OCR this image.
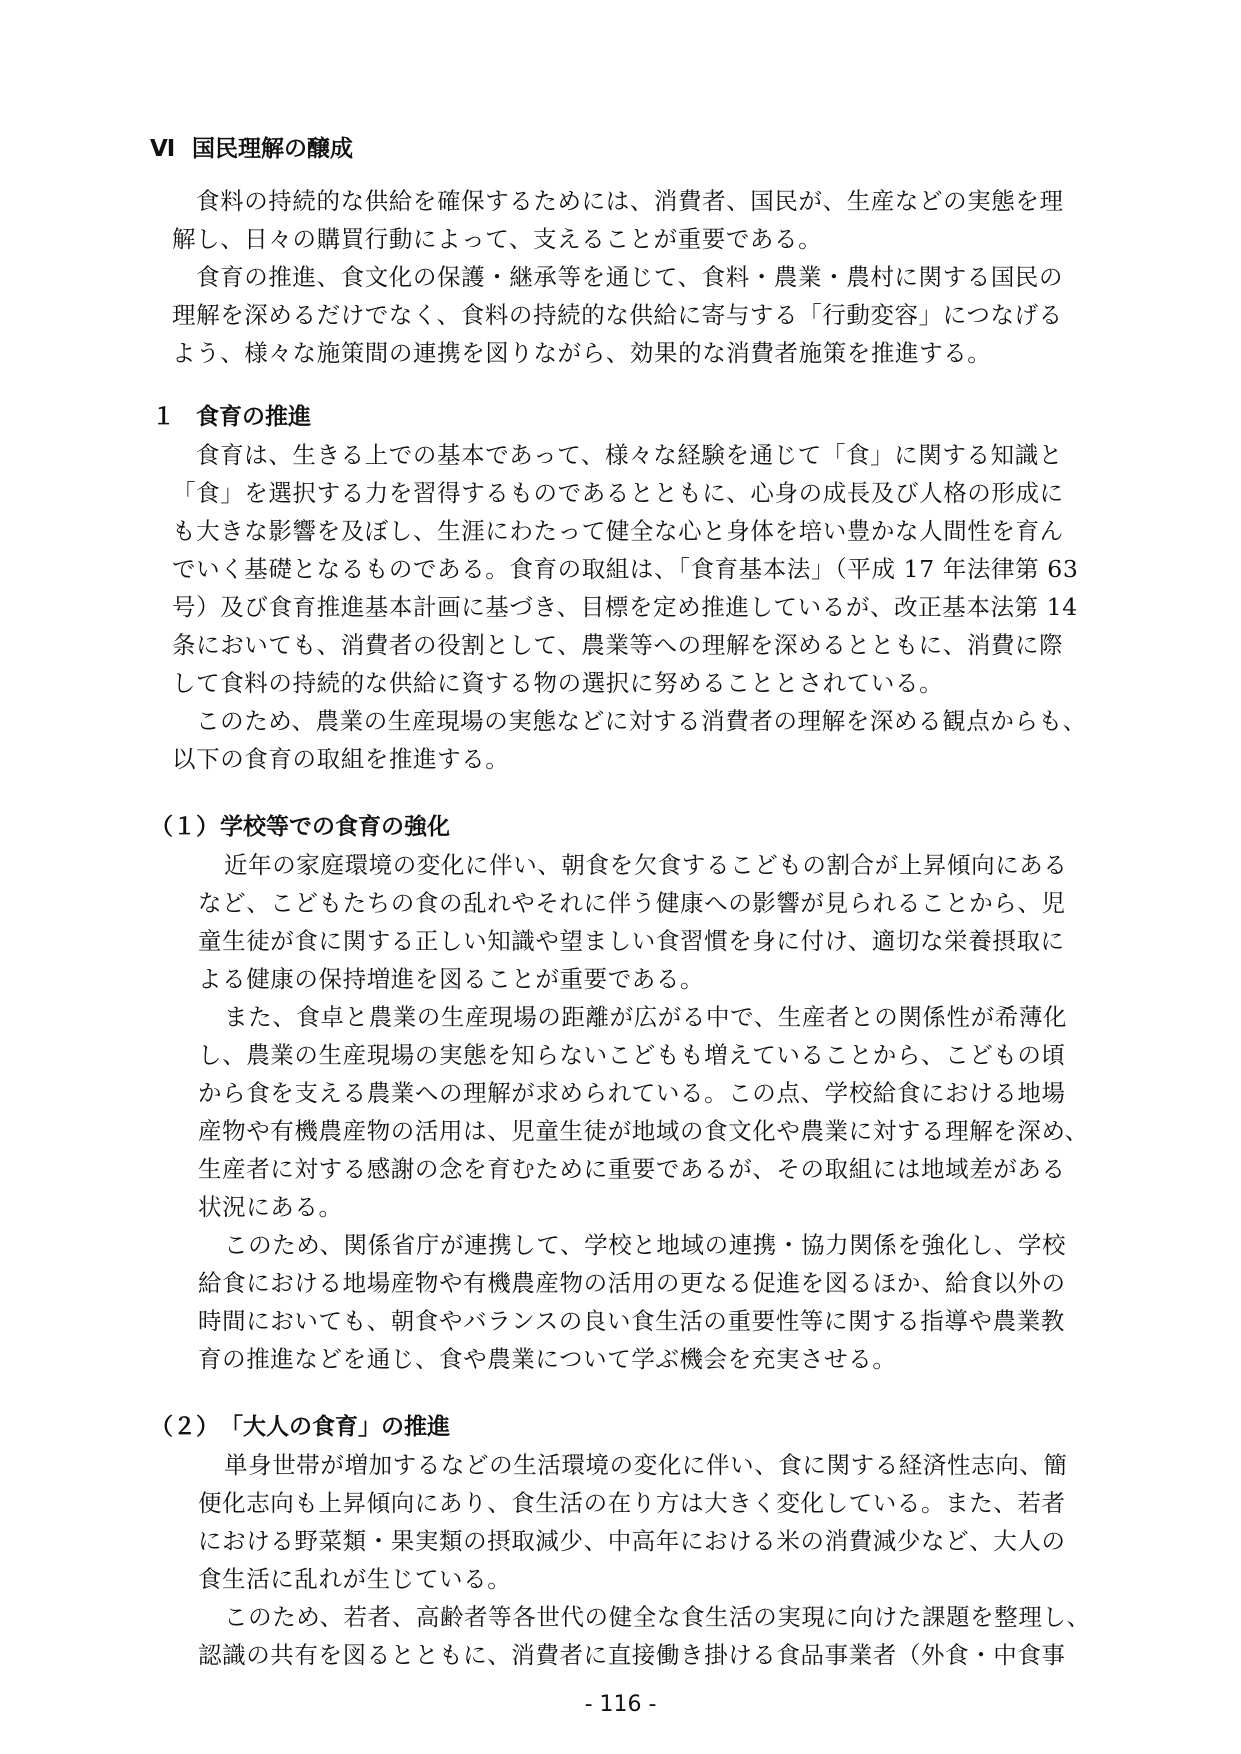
Ⅵ 国民理解の醸成
食料の持続的な供給を確保するためには、消費者、国民が、生産などの実態を理
解し、日々の購買行動によって、支えることが重要である。
食育の推進、食文化の保護・継承等を通じて、食料・農業・農村に関する国民の
理解を深めるだけでなく、食料の持続的な供給に寄与する「行動変容」につなげる
よう、様々な施策間の連携を図りながら、効果的な消費者施策を推進する。
１ 食育の推進
食育は、生きる上での基本であって、様々な経験を通じて「食」に関する知識と
「食」を選択する力を習得するものであるとともに、心身の成長及び人格の形成に
も大きな影響を及ぼし、生涯にわたって健全な心と身体を培い豊かな人間性を育ん
でいく基礎となるものである。食育の取組は、「食育基本法」（平成 17 年法律第 63
号）及び食育推進基本計画に基づき、目標を定め推進しているが、改正基本法第 14
条においても、消費者の役割として、農業等への理解を深めるとともに、消費に際
して食料の持続的な供給に資する物の選択に努めることとされている。
このため、農業の生産現場の実態などに対する消費者の理解を深める観点からも、
以下の食育の取組を推進する。
（１）学校等での食育の強化
近年の家庭環境の変化に伴い、朝食を欠食するこどもの割合が上昇傾向にある
など、こどもたちの食の乱れやそれに伴う健康への影響が見られることから、児
童生徒が食に関する正しい知識や望ましい食習慣を身に付け、適切な栄養摂取に
よる健康の保持増進を図ることが重要である。
また、食卓と農業の生産現場の距離が広がる中で、生産者との関係性が希薄化
し、農業の生産現場の実態を知らないこどもも増えていることから、こどもの頃
から食を支える農業への理解が求められている。この点、学校給食における地場
産物や有機農産物の活用は、児童生徒が地域の食文化や農業に対する理解を深め、
生産者に対する感謝の念を育むために重要であるが、その取組には地域差がある
状況にある。
このため、関係省庁が連携して、学校と地域の連携・協力関係を強化し、学校
給食における地場産物や有機農産物の活用の更なる促進を図るほか、給食以外の
時間においても、朝食やバランスの良い食生活の重要性等に関する指導や農業教
育の推進などを通じ、食や農業について学ぶ機会を充実させる。
（２）「大人の食育」の推進
単身世帯が増加するなどの生活環境の変化に伴い、食に関する経済性志向、簡
便化志向も上昇傾向にあり、食生活の在り方は大きく変化している。また、若者
における野菜類・果実類の摂取減少、中高年における米の消費減少など、大人の
食生活に乱れが生じている。
このため、若者、高齢者等各世代の健全な食生活の実現に向けた課題を整理し、
認識の共有を図るとともに、消費者に直接働き掛ける食品事業者（外食・中食事
- 116 -
